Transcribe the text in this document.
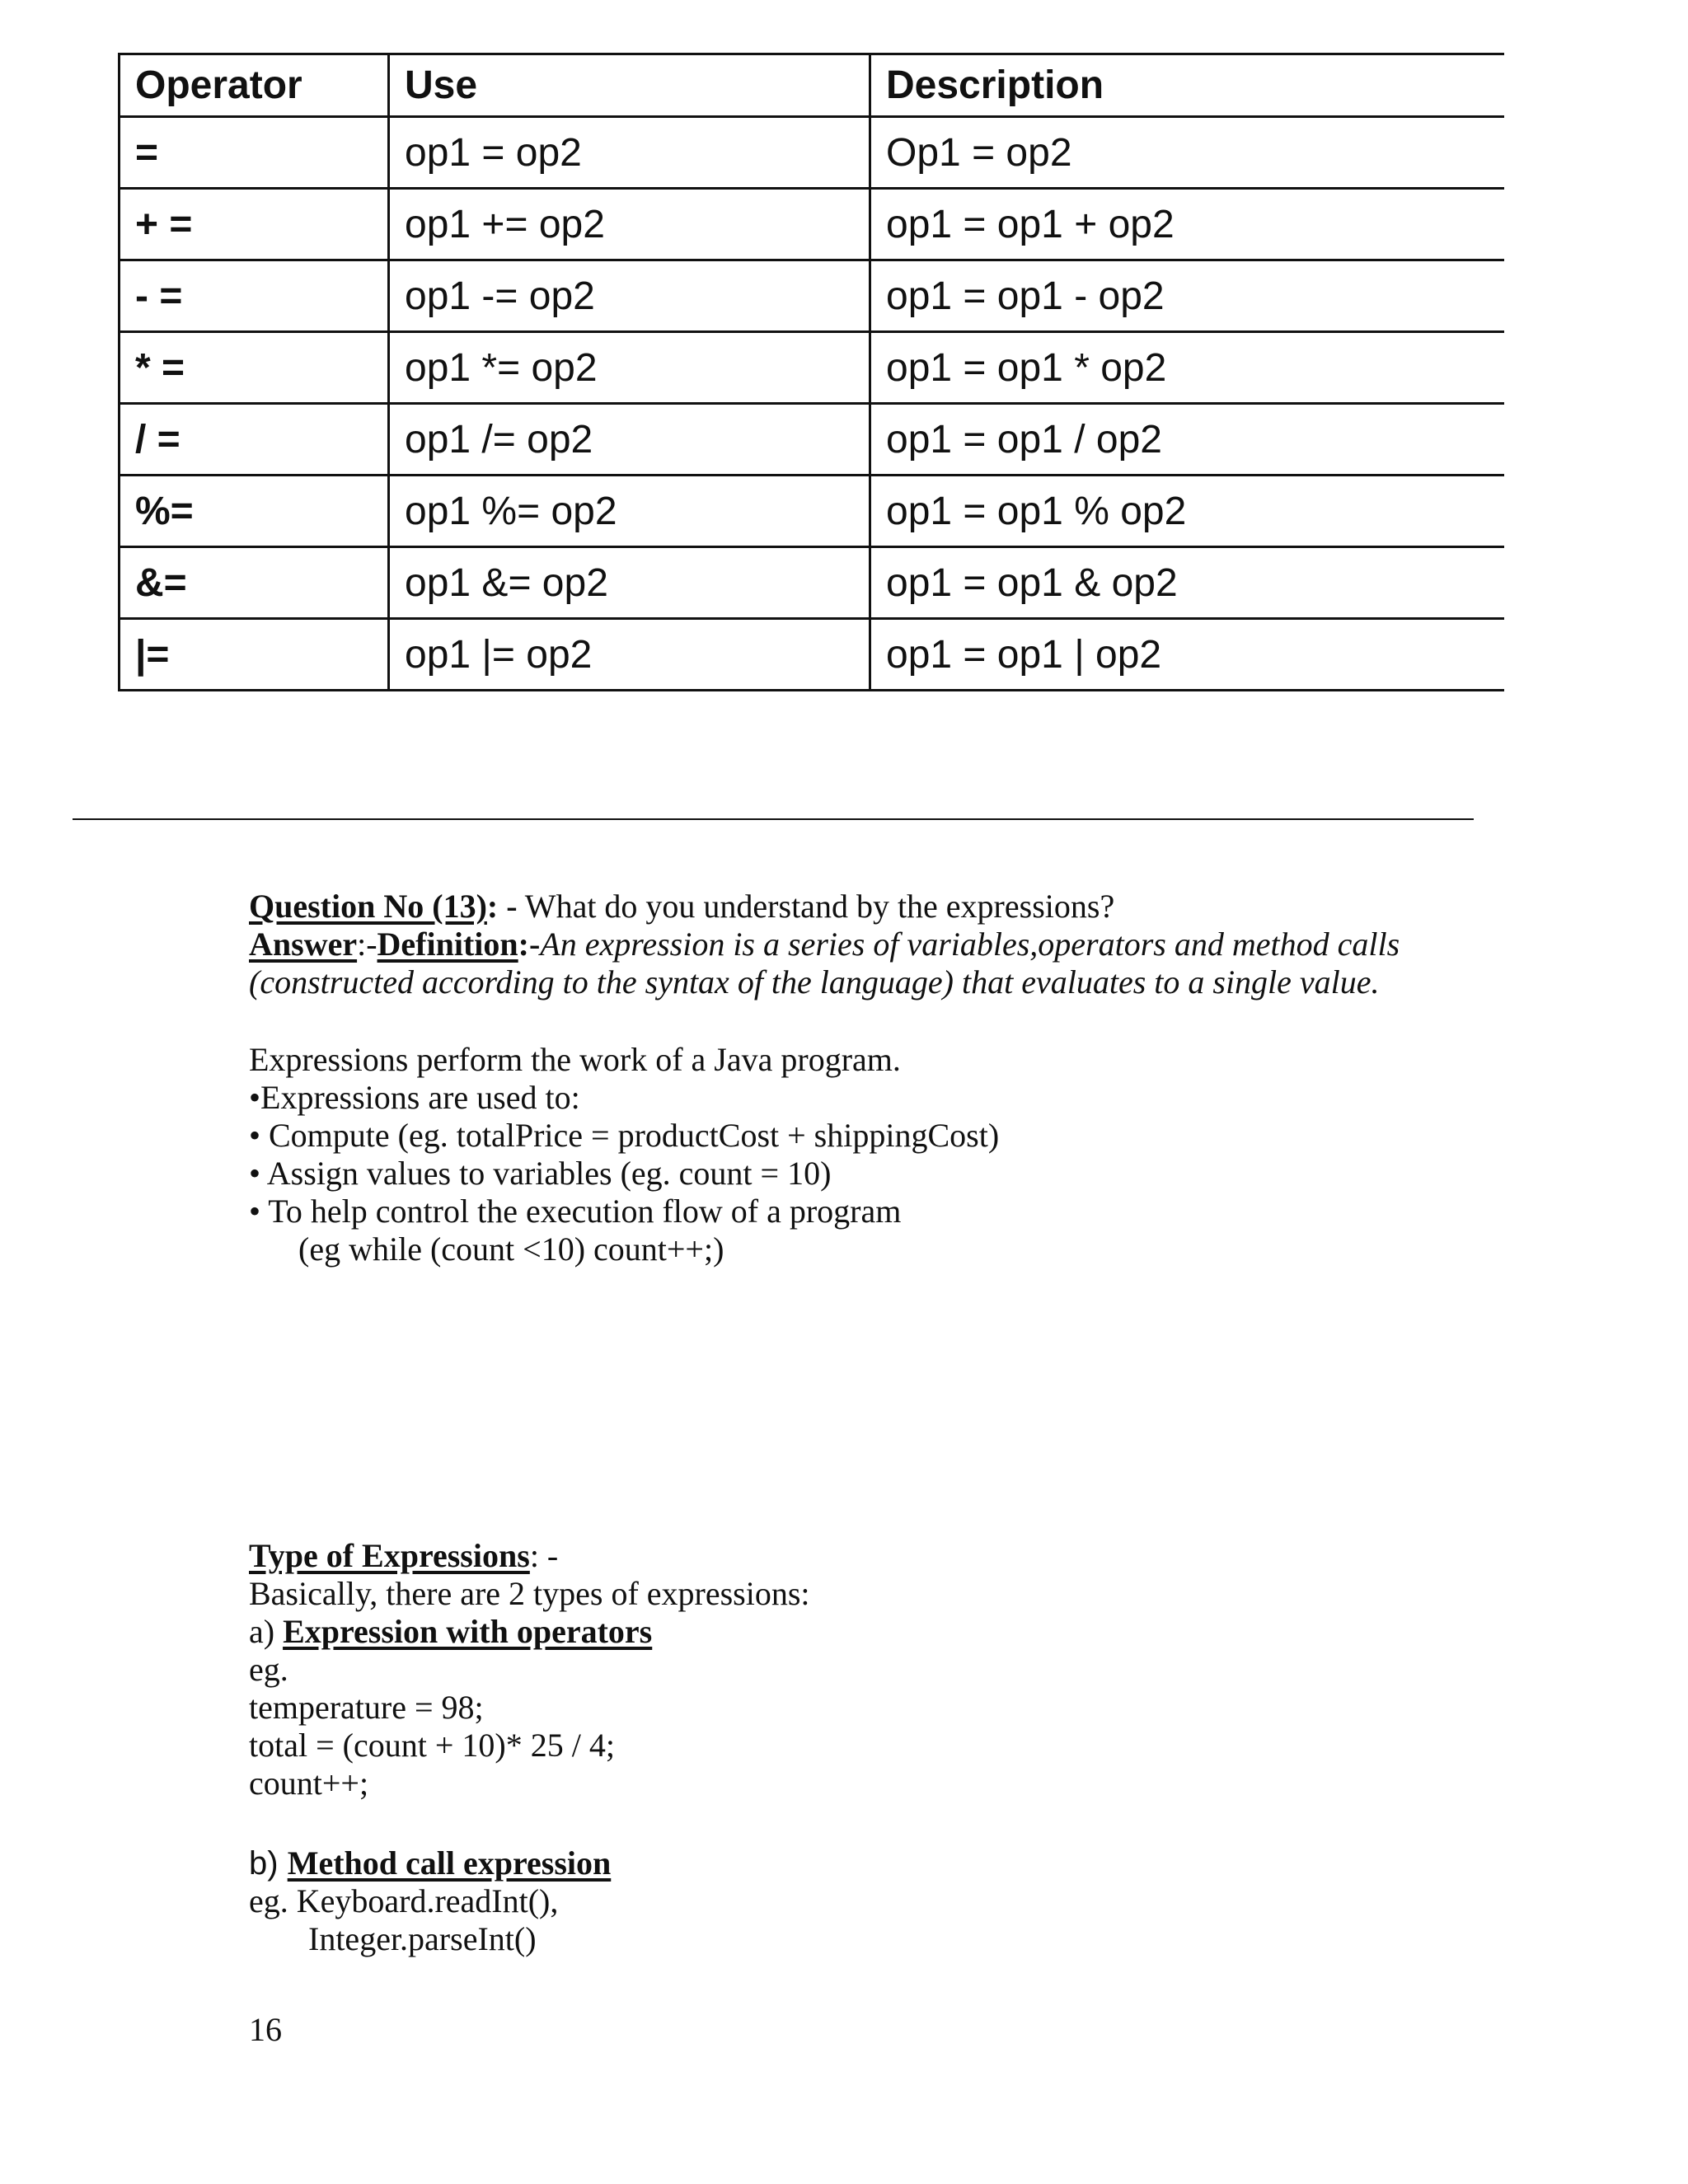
Operator	Use	Description
=	op1 = op2	Op1 = op2
+ =	op1 += op2	op1 = op1 + op2
- =	op1 -= op2	op1 = op1 - op2
* =	op1 *= op2	op1 = op1 * op2
/ =	op1 /= op2	op1 = op1 / op2
%=	op1 %= op2	op1 = op1 % op2
&=	op1 &= op2	op1 = op1 & op2
|=	op1 |= op2	op1 = op1 | op2

Question No (13): - What do you understand by the expressions?

Answer:-Definition:-An expression is a series of variables,operators and method calls

(constructed according to the syntax of the language) that evaluates to a single value.

Expressions perform the work of a Java program.

•Expressions are used to:

• Compute (eg. totalPrice = productCost + shippingCost)

• Assign values to variables (eg. count = 10)

• To help control the execution flow of a program

(eg while (count <10) count++;)

Type of Expressions: -

Basically, there are 2 types of expressions:

a) Expression with operators

eg.

temperature = 98;

total = (count + 10)* 25 / 4;

count++;

b) Method call expression

eg. Keyboard.readInt(),

Integer.parseInt()

16
